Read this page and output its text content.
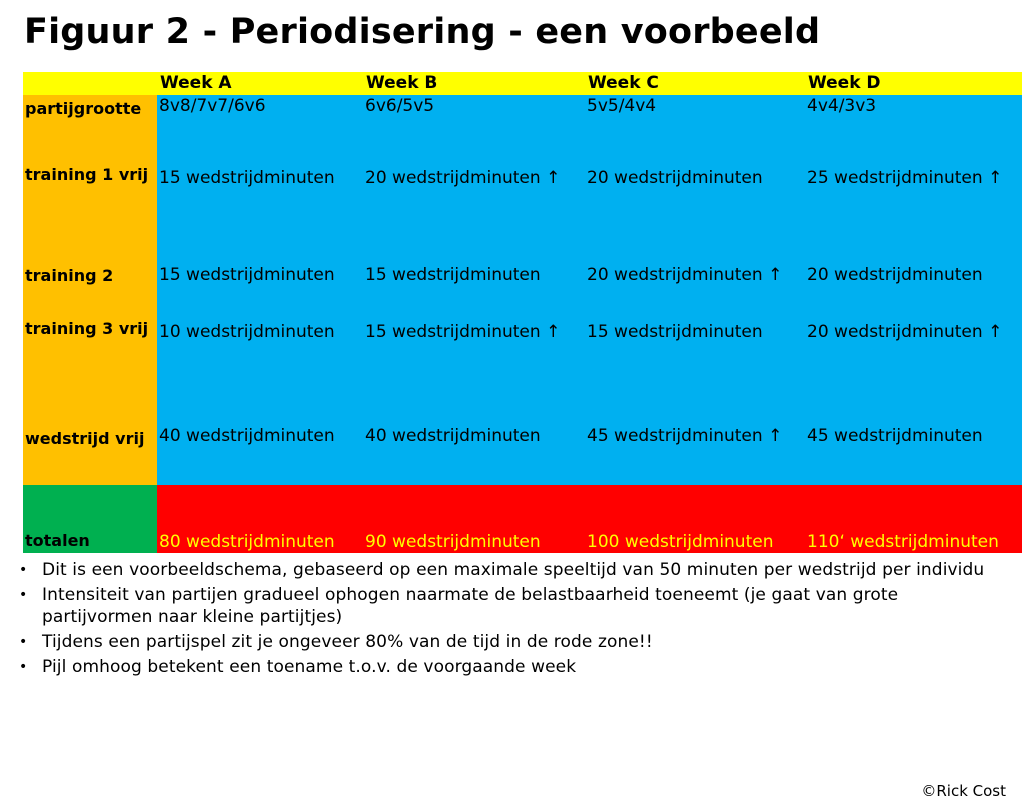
Figuur 2 - Periodisering - een voorbeeld
	Week A	Week B	Week C	Week D
partijgrootte	8v8/7v7/6v6	6v6/5v5	5v5/4v4	4v4/3v3
training 1 vrij	15 wedstrijdminuten	20 wedstrijdminuten ↑	20 wedstrijdminuten	25 wedstrijdminuten ↑
training 2	15 wedstrijdminuten	15 wedstrijdminuten	20 wedstrijdminuten ↑	20 wedstrijdminuten
training 3 vrij	10 wedstrijdminuten	15 wedstrijdminuten ↑	15 wedstrijdminuten	20 wedstrijdminuten ↑
wedstrijd vrij	40 wedstrijdminuten	40 wedstrijdminuten	45 wedstrijdminuten ↑	45 wedstrijdminuten
totalen	80 wedstrijdminuten	90 wedstrijdminuten	100 wedstrijdminuten	110‘ wedstrijdminuten
• Dit is een voorbeeldschema, gebaseerd op een maximale speeltijd van 50 minuten per wedstrijd per individu
• Intensiteit van partijen gradueel ophogen naarmate de belastbaarheid toeneemt (je gaat van grote partijvormen naar kleine partijtjes)
• Tijdens een partijspel zit je ongeveer 80% van de tijd in de rode zone!!
• Pijl omhoog betekent een toename t.o.v. de voorgaande week
©Rick Cost
